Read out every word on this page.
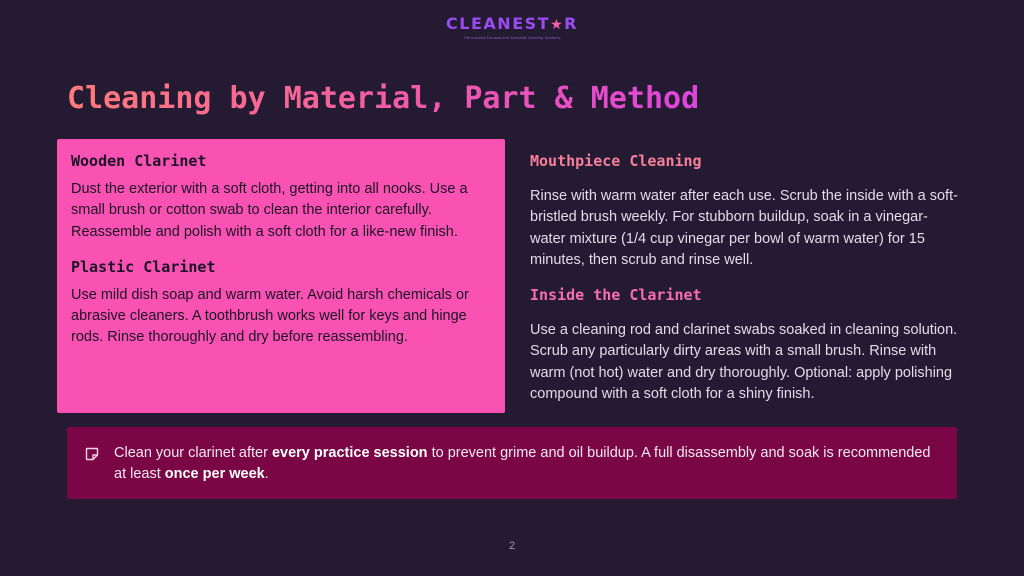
CLEANEST★R
The Industry-Focused and Specialist Cleaning Solutions
Cleaning by Material, Part & Method
Wooden Clarinet

Dust the exterior with a soft cloth, getting into all nooks. Use a small brush or cotton swab to clean the interior carefully. Reassemble and polish with a soft cloth for a like-new finish.

Plastic Clarinet

Use mild dish soap and warm water. Avoid harsh chemicals or abrasive cleaners. A toothbrush works well for keys and hinge rods. Rinse thoroughly and dry before reassembling.

Mouthpiece Cleaning

Rinse with warm water after each use. Scrub the inside with a soft-bristled brush weekly. For stubborn buildup, soak in a vinegar-water mixture (1/4 cup vinegar per bowl of warm water) for 15 minutes, then scrub and rinse well.

Inside the Clarinet

Use a cleaning rod and clarinet swabs soaked in cleaning solution. Scrub any particularly dirty areas with a small brush. Rinse with warm (not hot) water and dry thoroughly. Optional: apply polishing compound with a soft cloth for a shiny finish.

Clean your clarinet after every practice session to prevent grime and oil buildup. A full disassembly and soak is recommended at least once per week.

2
